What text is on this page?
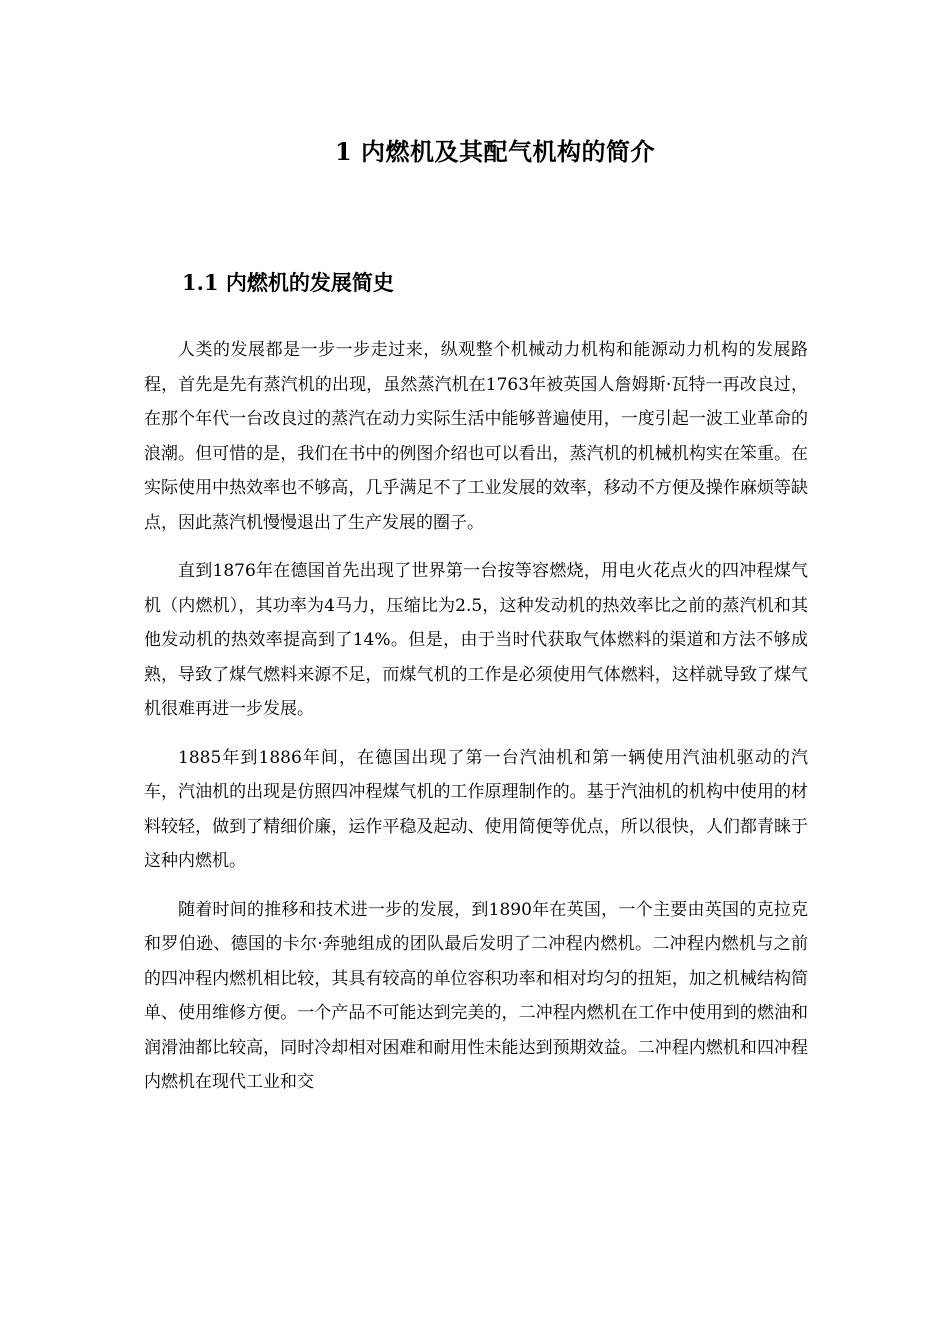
1 内燃机及其配气机构的简介
1.1 内燃机的发展简史

人类的发展都是一步一步走过来，纵观整个机械动力机构和能源动力机构的发展路程，首先是先有蒸汽机的出现，虽然蒸汽机在1763年被英国人詹姆斯·瓦特一再改良过，在那个年代一台改良过的蒸汽在动力实际生活中能够普遍使用，一度引起一波工业革命的浪潮。但可惜的是，我们在书中的例图介绍也可以看出，蒸汽机的机械机构实在笨重。在实际使用中热效率也不够高，几乎满足不了工业发展的效率，移动不方便及操作麻烦等缺点，因此蒸汽机慢慢退出了生产发展的圈子。

直到1876年在德国首先出现了世界第一台按等容燃烧，用电火花点火的四冲程煤气机（内燃机），其功率为4马力，压缩比为2.5，这种发动机的热效率比之前的蒸汽机和其他发动机的热效率提高到了14%。但是，由于当时代获取气体燃料的渠道和方法不够成熟，导致了煤气燃料来源不足，而煤气机的工作是必须使用气体燃料，这样就导致了煤气机很难再进一步发展。

1885年到1886年间，在德国出现了第一台汽油机和第一辆使用汽油机驱动的汽车，汽油机的出现是仿照四冲程煤气机的工作原理制作的。基于汽油机的机构中使用的材料较轻，做到了精细价廉，运作平稳及起动、使用简便等优点，所以很快，人们都青睐于这种内燃机。

随着时间的推移和技术进一步的发展，到1890年在英国，一个主要由英国的克拉克和罗伯逊、德国的卡尔·奔驰组成的团队最后发明了二冲程内燃机。二冲程内燃机与之前的四冲程内燃机相比较，其具有较高的单位容积功率和相对均匀的扭矩，加之机械结构简单、使用维修方便。一个产品不可能达到完美的，二冲程内燃机在工作中使用到的燃油和润滑油都比较高，同时冷却相对困难和耐用性未能达到预期效益。二冲程内燃机和四冲程内燃机在现代工业和交
